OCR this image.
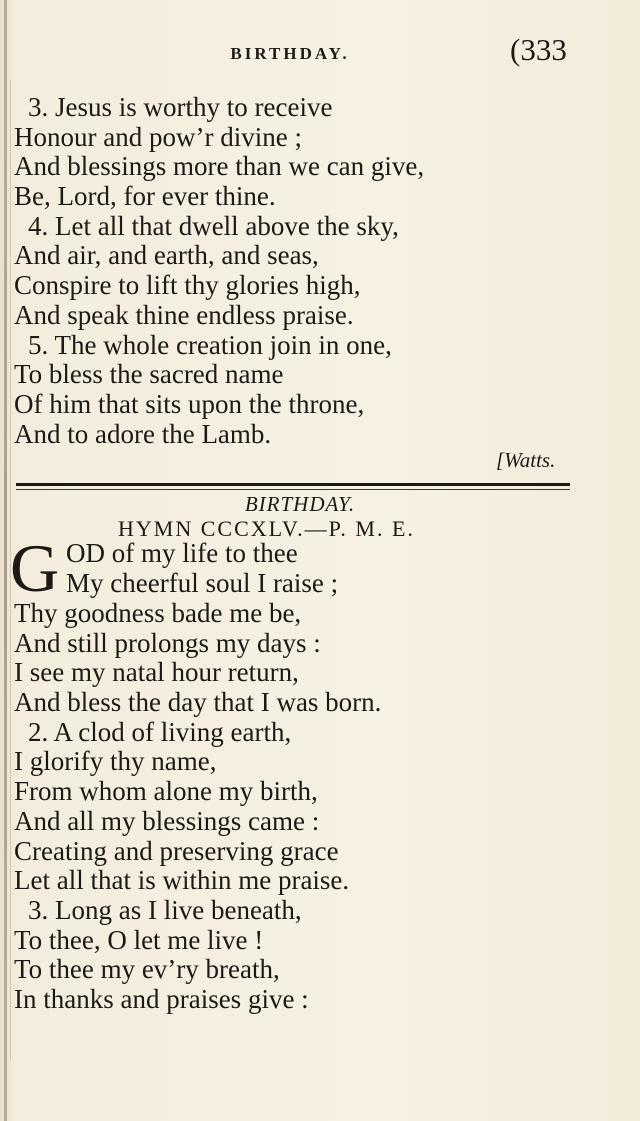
BIRTHDAY.	(333
3. Jesus is worthy to receive
Honour and pow’r divine ;
And blessings more than we can give,
Be, Lord, for ever thine.
4. Let all that dwell above the sky,
And air, and earth, and seas,
Conspire to lift thy glories high,
And speak thine endless praise.
5. The whole creation join in one,
To bless the sacred name
Of him that sits upon the throne,
And to adore the Lamb.
[Watts.
BIRTHDAY.
HYMN CCCXLV.—P. M. E.
G OD of my life to thee
My cheerful soul I raise ;
Thy goodness bade me be,
And still prolongs my days :
I see my natal hour return,
And bless the day that I was born.
2. A clod of living earth,
I glorify thy name,
From whom alone my birth,
And all my blessings came :
Creating and preserving grace
Let all that is within me praise.
3. Long as I live beneath,
To thee, O let me live !
To thee my ev’ry breath,
In thanks and praises give :
